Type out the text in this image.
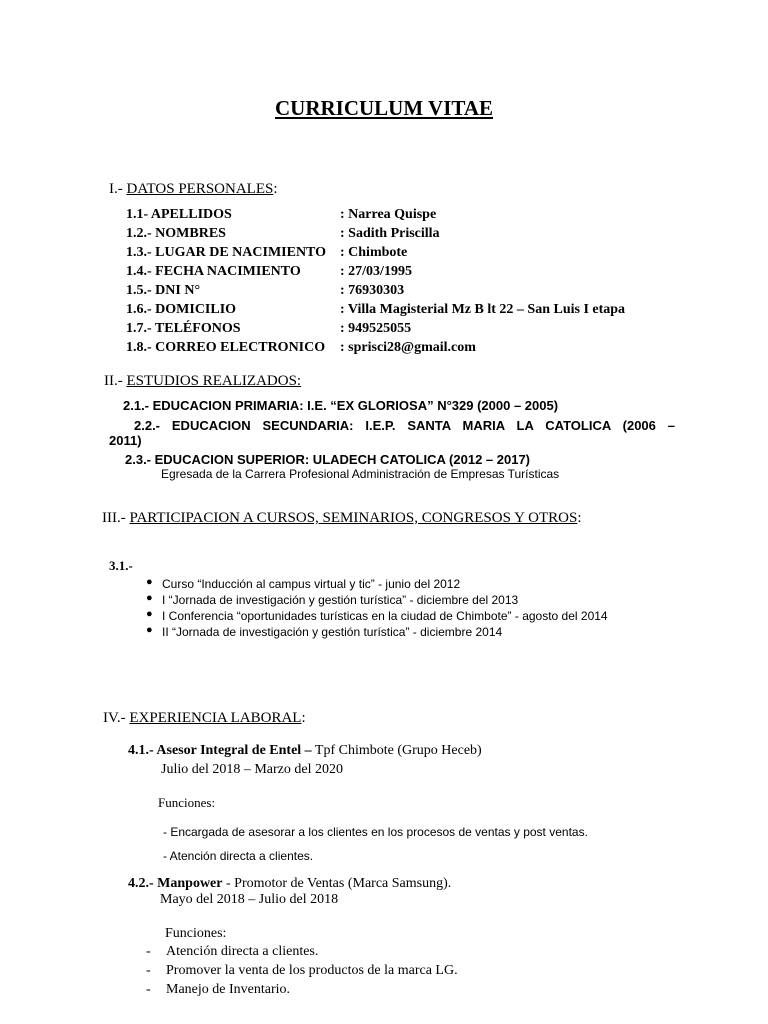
CURRICULUM VITAE
I.- DATOS PERSONALES:
1.1- APELLIDOS	: Narrea Quispe
1.2.- NOMBRES	: Sadith Priscilla
1.3.- LUGAR DE NACIMIENTO : Chimbote
1.4.- FECHA NACIMIENTO	: 27/03/1995
1.5.- DNI N°	: 76930303
1.6.- DOMICILIO	: Villa Magisterial Mz B lt 22 – San Luis I etapa
1.7.- TELÉFONOS	: 949525055
1.8.- CORREO ELECTRONICO : sprisci28@gmail.com
II.- ESTUDIOS REALIZADOS:
2.1.- EDUCACION PRIMARIA: I.E. “EX GLORIOSA” N°329 (2000 – 2005)
2.2.- EDUCACION SECUNDARIA: I.E.P. SANTA MARIA LA CATOLICA (2006 –
2011)
2.3.- EDUCACION SUPERIOR: ULADECH CATOLICA (2012 – 2017)
Egresada de la Carrera Profesional Administración de Empresas Turísticas
III.- PARTICIPACION A CURSOS, SEMINARIOS, CONGRESOS Y OTROS:
3.1.-
● Curso “Inducción al campus virtual y tic” - junio del 2012
● I “Jornada de investigación y gestión turística” - diciembre del 2013
● I Conferencia “oportunidades turísticas en la ciudad de Chimbote” - agosto del 2014
● II “Jornada de investigación y gestión turística” - diciembre 2014
IV.- EXPERIENCIA LABORAL:
4.1.- Asesor Integral de Entel – Tpf Chimbote (Grupo Heceb)
Julio del 2018 – Marzo del 2020
Funciones:
- Encargada de asesorar a los clientes en los procesos de ventas y post ventas.
- Atención directa a clientes.
4.2.- Manpower - Promotor de Ventas (Marca Samsung).
Mayo del 2018 – Julio del 2018
Funciones:
- Atención directa a clientes.
- Promover la venta de los productos de la marca LG.
- Manejo de Inventario.
